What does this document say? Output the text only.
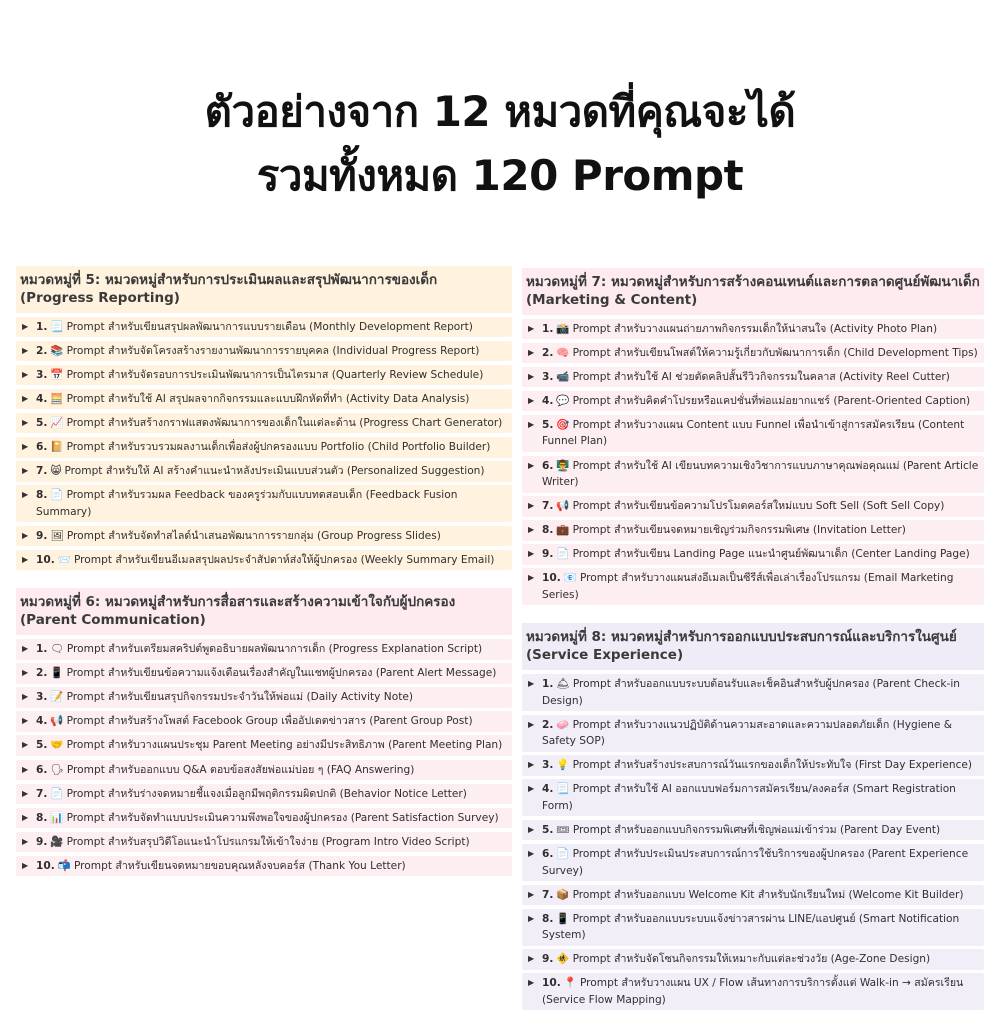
ตัวอย่างจาก 12 หมวดที่คุณจะได้
รวมทั้งหมด 120 Prompt
หมวดหมู่ที่ 5: หมวดหมู่สำหรับการประเมินผลและสรุปพัฒนาการของเด็ก (Progress Reporting)
▶ 1. 📃 Prompt สำหรับเขียนสรุปผลพัฒนาการแบบรายเดือน (Monthly Development Report)
▶ 2. 📚 Prompt สำหรับจัดโครงสร้างรายงานพัฒนาการรายบุคคล (Individual Progress Report)
▶ 3. 📅 Prompt สำหรับจัดรอบการประเมินพัฒนาการเป็นไตรมาส (Quarterly Review Schedule)
▶ 4. 🧮 Prompt สำหรับใช้ AI สรุปผลจากกิจกรรมและแบบฝึกหัดที่ทำ (Activity Data Analysis)
▶ 5. 📈 Prompt สำหรับสร้างกราฟแสดงพัฒนาการของเด็กในแต่ละด้าน (Progress Chart Generator)
▶ 6. 📔 Prompt สำหรับรวบรวมผลงานเด็กเพื่อส่งผู้ปกครองแบบ Portfolio (Child Portfolio Builder)
▶ 7. 😸 Prompt สำหรับให้ AI สร้างคำแนะนำหลังประเมินแบบส่วนตัว (Personalized Suggestion)
▶ 8. 📄 Prompt สำหรับรวมผล Feedback ของครูร่วมกับแบบทดสอบเด็ก (Feedback Fusion Summary)
▶ 9. 🖼 Prompt สำหรับจัดทำสไลด์นำเสนอพัฒนาการรายกลุ่ม (Group Progress Slides)
▶ 10. 📨 Prompt สำหรับเขียนอีเมลสรุปผลประจำสัปดาห์ส่งให้ผู้ปกครอง (Weekly Summary Email)
หมวดหมู่ที่ 6: หมวดหมู่สำหรับการสื่อสารและสร้างความเข้าใจกับผู้ปกครอง (Parent Communication)
▶ 1. 🗨 Prompt สำหรับเตรียมสคริปต์พูดอธิบายผลพัฒนาการเด็ก (Progress Explanation Script)
▶ 2. 📱 Prompt สำหรับเขียนข้อความแจ้งเตือนเรื่องสำคัญในแชทผู้ปกครอง (Parent Alert Message)
▶ 3. 📝 Prompt สำหรับเขียนสรุปกิจกรรมประจำวันให้พ่อแม่ (Daily Activity Note)
▶ 4. 📢 Prompt สำหรับสร้างโพสต์ Facebook Group เพื่ออัปเดตข่าวสาร (Parent Group Post)
▶ 5. 🤝 Prompt สำหรับวางแผนประชุม Parent Meeting อย่างมีประสิทธิภาพ (Parent Meeting Plan)
▶ 6. 🗣 Prompt สำหรับออกแบบ Q&A ตอบข้อสงสัยพ่อแม่บ่อย ๆ (FAQ Answering)
▶ 7. 📄 Prompt สำหรับร่างจดหมายชี้แจงเมื่อลูกมีพฤติกรรมผิดปกติ (Behavior Notice Letter)
▶ 8. 📊 Prompt สำหรับจัดทำแบบประเมินความพึงพอใจของผู้ปกครอง (Parent Satisfaction Survey)
▶ 9. 🎥 Prompt สำหรับสรุปวิดีโอแนะนำโปรแกรมให้เข้าใจง่าย (Program Intro Video Script)
▶ 10. 📬 Prompt สำหรับเขียนจดหมายขอบคุณหลังจบคอร์ส (Thank You Letter)
หมวดหมู่ที่ 7: หมวดหมู่สำหรับการสร้างคอนเทนต์และการตลาดศูนย์พัฒนาเด็ก (Marketing & Content)
▶ 1. 📸 Prompt สำหรับวางแผนถ่ายภาพกิจกรรมเด็กให้น่าสนใจ (Activity Photo Plan)
▶ 2. 🧠 Prompt สำหรับเขียนโพสต์ให้ความรู้เกี่ยวกับพัฒนาการเด็ก (Child Development Tips)
▶ 3. 📹 Prompt สำหรับใช้ AI ช่วยตัดคลิปสั้นรีวิวกิจกรรมในคลาส (Activity Reel Cutter)
▶ 4. 💬 Prompt สำหรับคิดคำโปรยหรือแคปชั่นที่พ่อแม่อยากแชร์ (Parent-Oriented Caption)
▶ 5. 🎯 Prompt สำหรับวางแผน Content แบบ Funnel เพื่อนำเข้าสู่การสมัครเรียน (Content Funnel Plan)
▶ 6. 👨‍🏫 Prompt สำหรับใช้ AI เขียนบทความเชิงวิชาการแบบภาษาคุณพ่อคุณแม่ (Parent Article Writer)
▶ 7. 📢 Prompt สำหรับเขียนข้อความโปรโมตคอร์สใหม่แบบ Soft Sell (Soft Sell Copy)
▶ 8. 💼 Prompt สำหรับเขียนจดหมายเชิญร่วมกิจกรรมพิเศษ (Invitation Letter)
▶ 9. 📄 Prompt สำหรับเขียน Landing Page แนะนำศูนย์พัฒนาเด็ก (Center Landing Page)
▶ 10. 📧 Prompt สำหรับวางแผนส่งอีเมลเป็นซีรีส์เพื่อเล่าเรื่องโปรแกรม (Email Marketing Series)
หมวดหมู่ที่ 8: หมวดหมู่สำหรับการออกแบบประสบการณ์และบริการในศูนย์ (Service Experience)
▶ 1. 🛎 Prompt สำหรับออกแบบระบบต้อนรับและเช็คอินสำหรับผู้ปกครอง (Parent Check-in Design)
▶ 2. 🧼 Prompt สำหรับวางแนวปฏิบัติด้านความสะอาดและความปลอดภัยเด็ก (Hygiene & Safety SOP)
▶ 3. 💡 Prompt สำหรับสร้างประสบการณ์วันแรกของเด็กให้ประทับใจ (First Day Experience)
▶ 4. 📃 Prompt สำหรับใช้ AI ออกแบบฟอร์มการสมัครเรียน/ลงคอร์ส (Smart Registration Form)
▶ 5. 🎟 Prompt สำหรับออกแบบกิจกรรมพิเศษที่เชิญพ่อแม่เข้าร่วม (Parent Day Event)
▶ 6. 📄 Prompt สำหรับประเมินประสบการณ์การใช้บริการของผู้ปกครอง (Parent Experience Survey)
▶ 7. 📦 Prompt สำหรับออกแบบ Welcome Kit สำหรับนักเรียนใหม่ (Welcome Kit Builder)
▶ 8. 📱 Prompt สำหรับออกแบบระบบแจ้งข่าวสารผ่าน LINE/แอปศูนย์ (Smart Notification System)
▶ 9. 🚸 Prompt สำหรับจัดโซนกิจกรรมให้เหมาะกับแต่ละช่วงวัย (Age-Zone Design)
▶ 10. 📍 Prompt สำหรับวางแผน UX / Flow เส้นทางการบริการตั้งแต่ Walk-in → สมัครเรียน (Service Flow Mapping)
